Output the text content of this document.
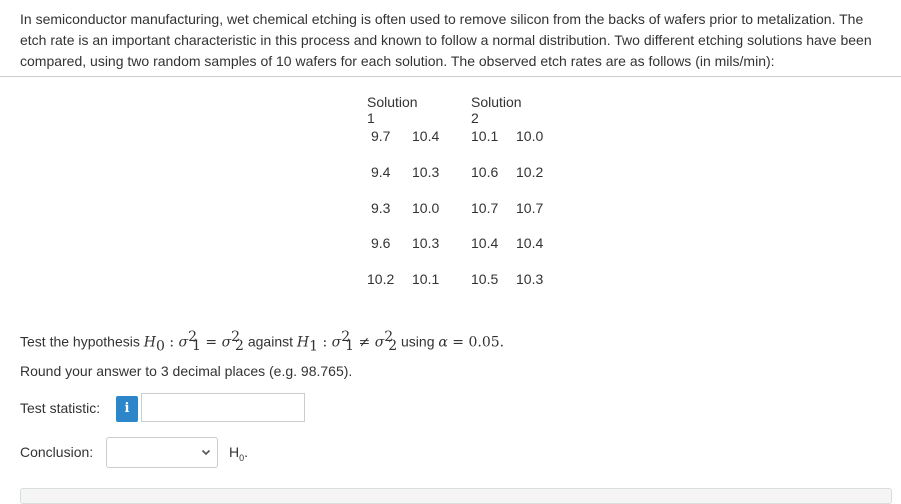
In semiconductor manufacturing, wet chemical etching is often used to remove silicon from the backs of wafers prior to metalization. The etch rate is an important characteristic in this process and known to follow a normal distribution. Two different etching solutions have been compared, using two random samples of 10 wafers for each solution. The observed etch rates are as follows (in mils/min):
Solution 1
Solution 2
9.7 10.4 10.1 10.0
9.4 10.3 10.6 10.2
9.3 10.0 10.7 10.7
9.6 10.3 10.4 10.4
10.2 10.1 10.5 10.3
Test the hypothesis $H_0$ : $\sigma^2_1 = \sigma^2_2$ against $H_1$ : $\sigma^2_1 \ne \sigma^2_2$ using α = 0.05.
Round your answer to 3 decimal places (e.g. 98.765).
Test statistic:	i
Conclusion:	$H_0$.
